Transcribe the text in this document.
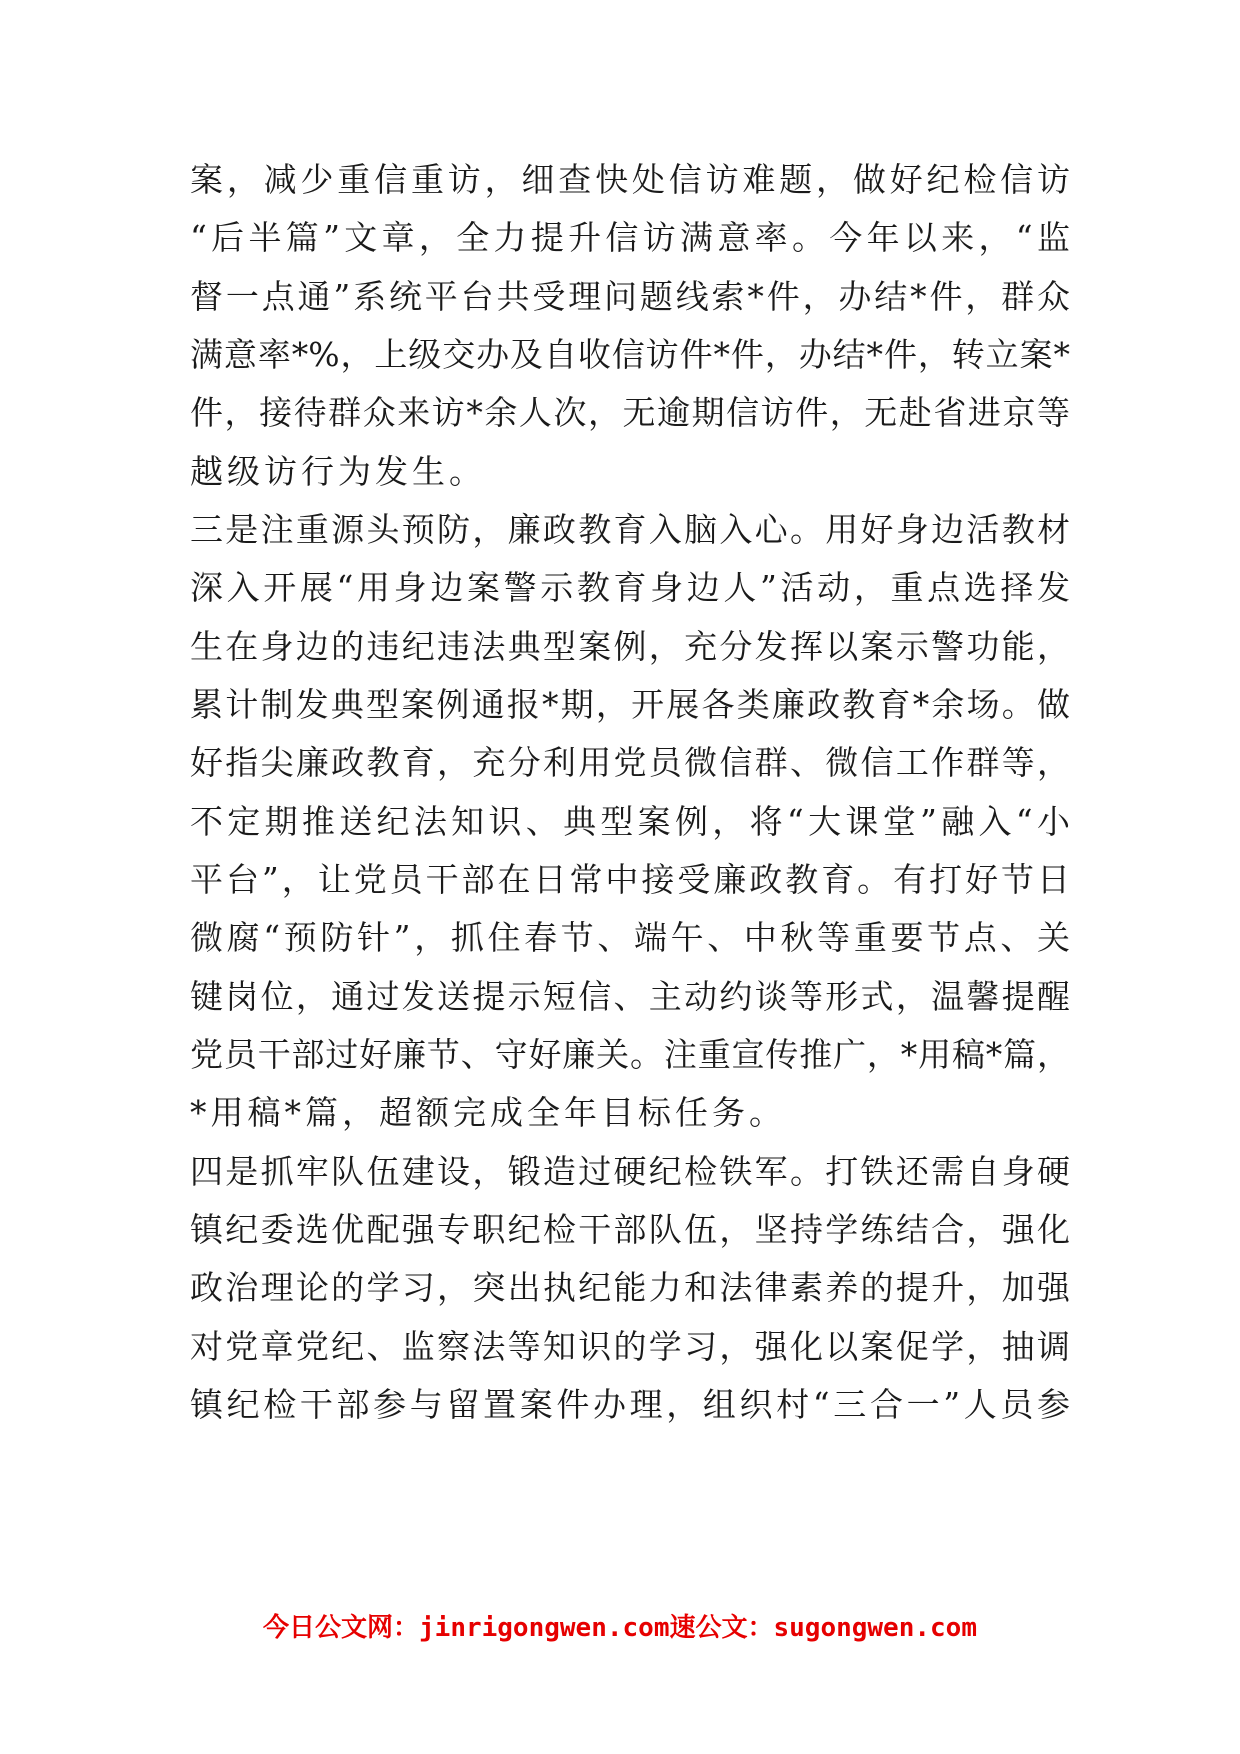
案，减少重信重访，细查快处信访难题，做好纪检信访
“后半篇”文章，全力提升信访满意率。今年以来，“监
督一点通”系统平台共受理问题线索*件，办结*件，群众
满意率*%，上级交办及自收信访件*件，办结*件，转立案*
件，接待群众来访*余人次，无逾期信访件，无赴省进京等
越级访行为发生。
三是注重源头预防，廉政教育入脑入心。用好身边活教材
深入开展“用身边案警示教育身边人”活动，重点选择发
生在身边的违纪违法典型案例，充分发挥以案示警功能，
累计制发典型案例通报*期，开展各类廉政教育*余场。做
好指尖廉政教育，充分利用党员微信群、微信工作群等，
不定期推送纪法知识、典型案例，将“大课堂”融入“小
平台”，让党员干部在日常中接受廉政教育。有打好节日
微腐“预防针”，抓住春节、端午、中秋等重要节点、关
键岗位，通过发送提示短信、主动约谈等形式，温馨提醒
党员干部过好廉节、守好廉关。注重宣传推广，*用稿*篇，
*用稿*篇，超额完成全年目标任务。
四是抓牢队伍建设，锻造过硬纪检铁军。打铁还需自身硬
镇纪委选优配强专职纪检干部队伍，坚持学练结合，强化
政治理论的学习，突出执纪能力和法律素养的提升，加强
对党章党纪、监察法等知识的学习，强化以案促学，抽调
镇纪检干部参与留置案件办理，组织村“三合一”人员参
今日公文网：jinrigongwen.com速公文：sugongwen.com
